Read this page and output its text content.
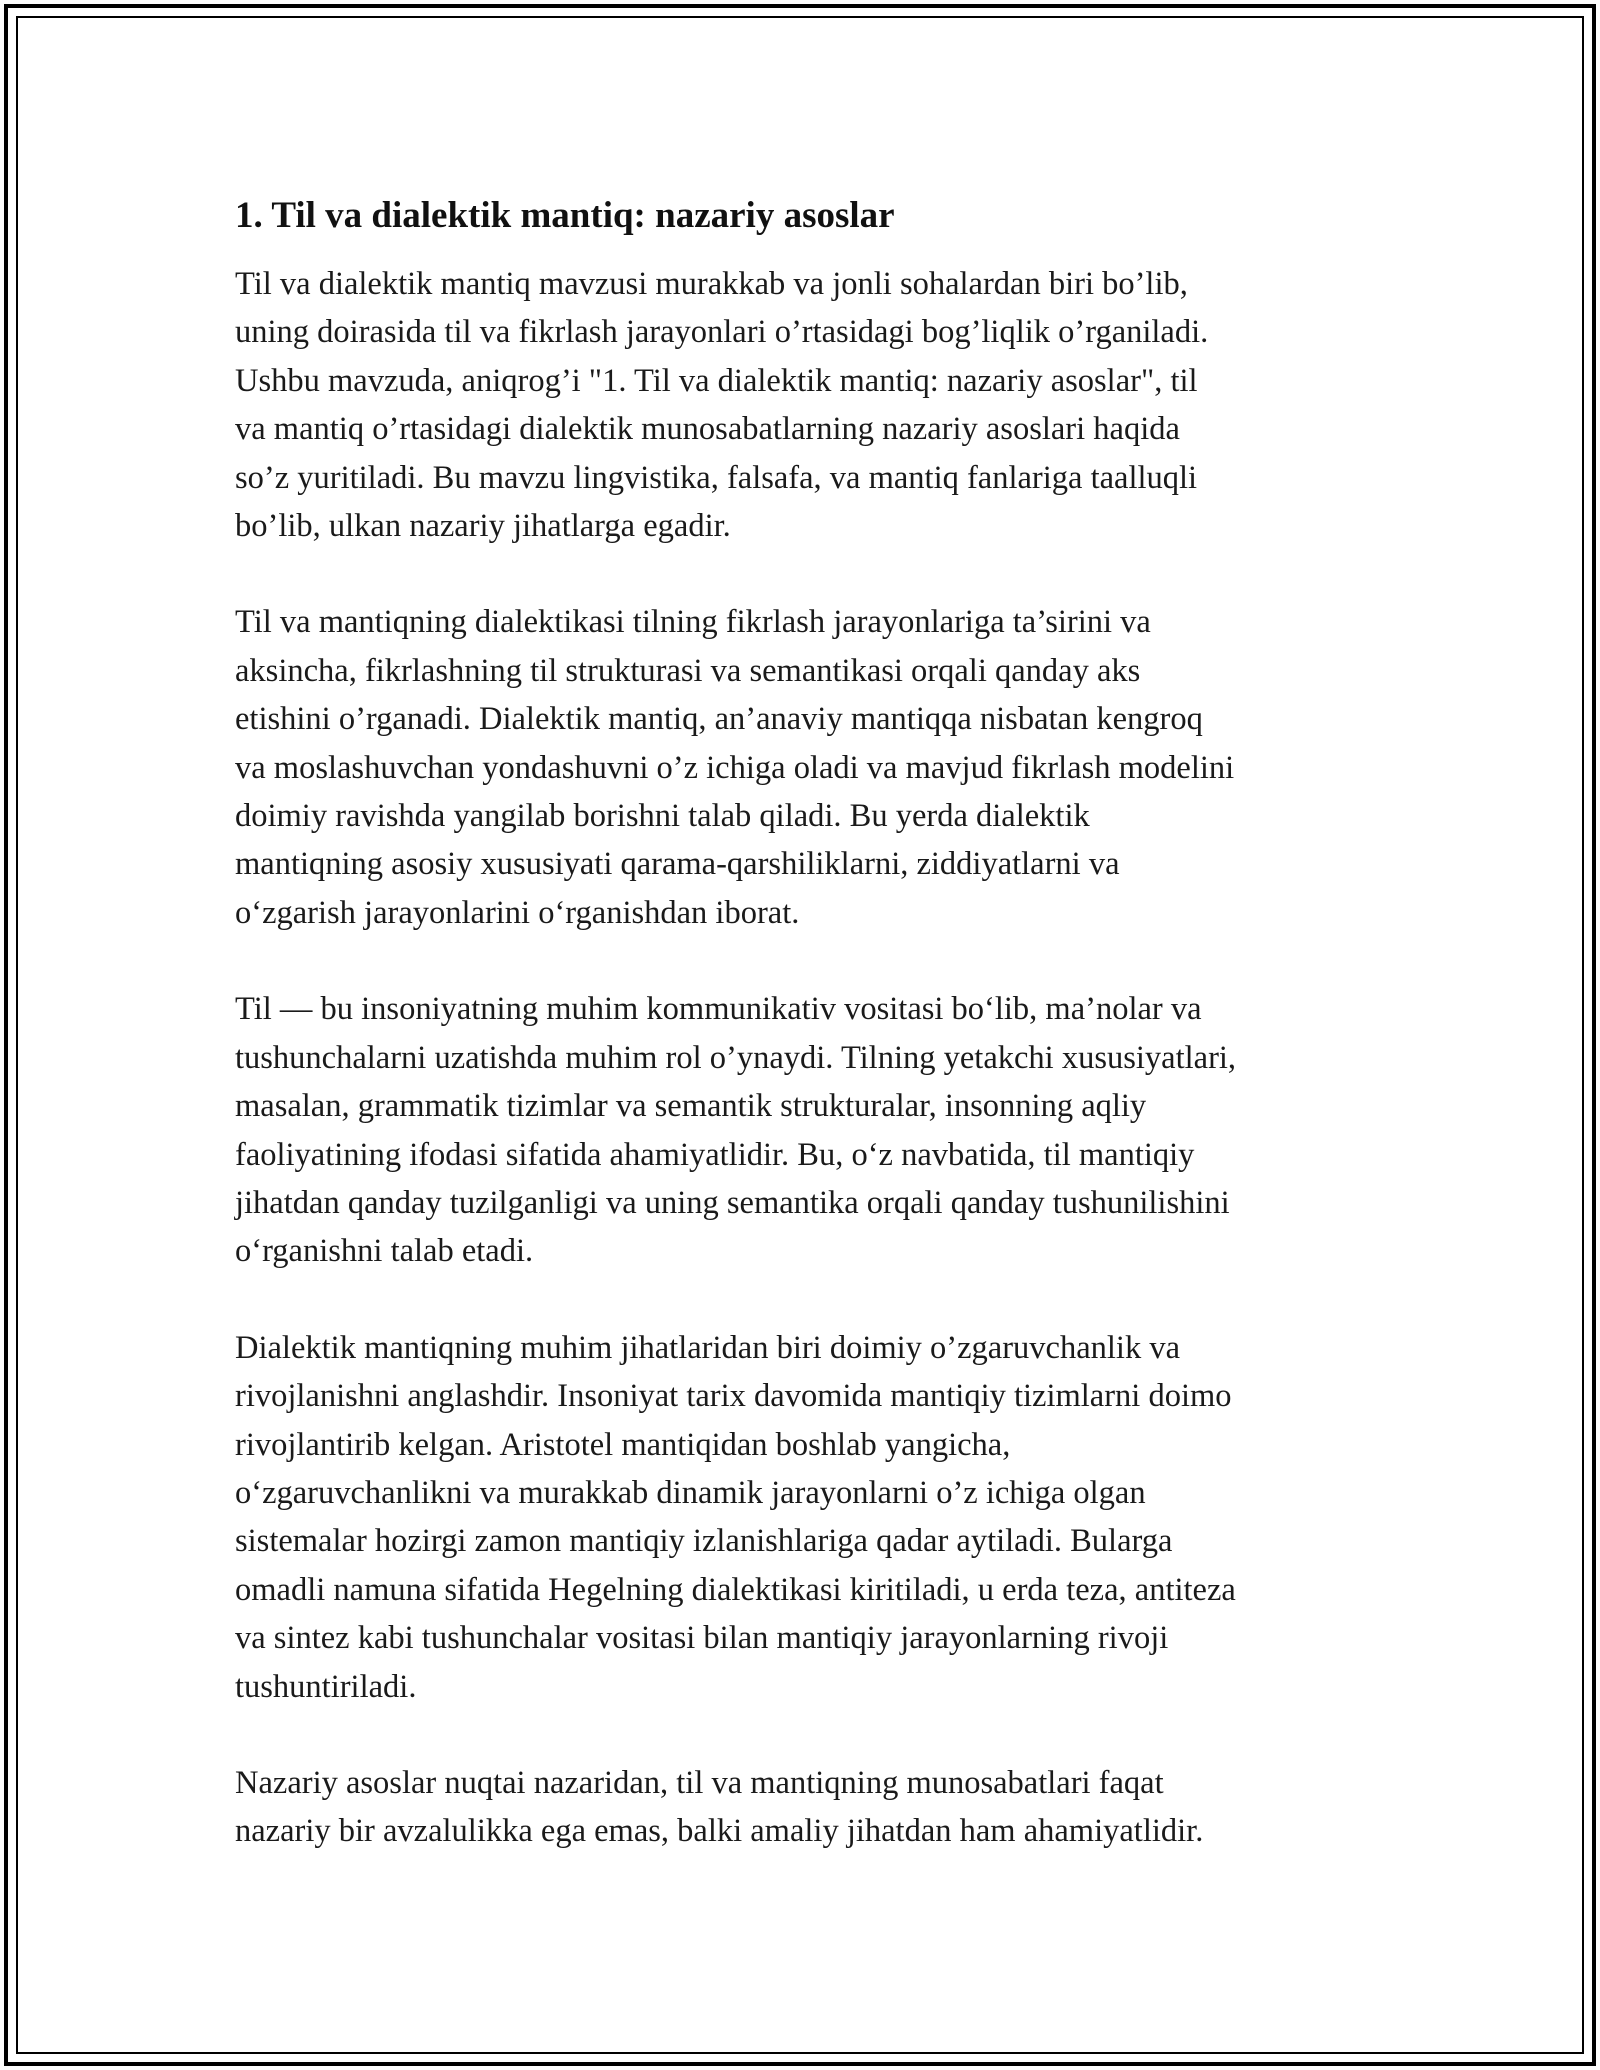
1. Til va dialektik mantiq: nazariy asoslar

Til va dialektik mantiq mavzusi murakkab va jonli sohalardan biri bo’lib,
uning doirasida til va fikrlash jarayonlari o’rtasidagi bog’liqlik o’rganiladi.
Ushbu mavzuda, aniqrog’i "1. Til va dialektik mantiq: nazariy asoslar", til
va mantiq o’rtasidagi dialektik munosabatlarning nazariy asoslari haqida
so’z yuritiladi. Bu mavzu lingvistika, falsafa, va mantiq fanlariga taalluqli
bo’lib, ulkan nazariy jihatlarga egadir.

Til va mantiqning dialektikasi tilning fikrlash jarayonlariga ta’sirini va
aksincha, fikrlashning til strukturasi va semantikasi orqali qanday aks
etishini o’rganadi. Dialektik mantiq, an’anaviy mantiqqa nisbatan kengroq
va moslashuvchan yondashuvni o’z ichiga oladi va mavjud fikrlash modelini
doimiy ravishda yangilab borishni talab qiladi. Bu yerda dialektik
mantiqning asosiy xususiyati qarama-qarshiliklarni, ziddiyatlarni va
o‘zgarish jarayonlarini o‘rganishdan iborat.

Til — bu insoniyatning muhim kommunikativ vositasi bo‘lib, ma’nolar va
tushunchalarni uzatishda muhim rol o’ynaydi. Tilning yetakchi xususiyatlari,
masalan, grammatik tizimlar va semantik strukturalar, insonning aqliy
faoliyatining ifodasi sifatida ahamiyatlidir. Bu, o‘z navbatida, til mantiqiy
jihatdan qanday tuzilganligi va uning semantika orqali qanday tushunilishini
o‘rganishni talab etadi.

Dialektik mantiqning muhim jihatlaridan biri doimiy o’zgaruvchanlik va
rivojlanishni anglashdir. Insoniyat tarix davomida mantiqiy tizimlarni doimo
rivojlantirib kelgan. Aristotel mantiqidan boshlab yangicha,
o‘zgaruvchanlikni va murakkab dinamik jarayonlarni o’z ichiga olgan
sistemalar hozirgi zamon mantiqiy izlanishlariga qadar aytiladi. Bularga
omadli namuna sifatida Hegelning dialektikasi kiritiladi, u erda teza, antiteza
va sintez kabi tushunchalar vositasi bilan mantiqiy jarayonlarning rivoji
tushuntiriladi.

Nazariy asoslar nuqtai nazaridan, til va mantiqning munosabatlari faqat
nazariy bir avzalulikka ega emas, balki amaliy jihatdan ham ahamiyatlidir.
